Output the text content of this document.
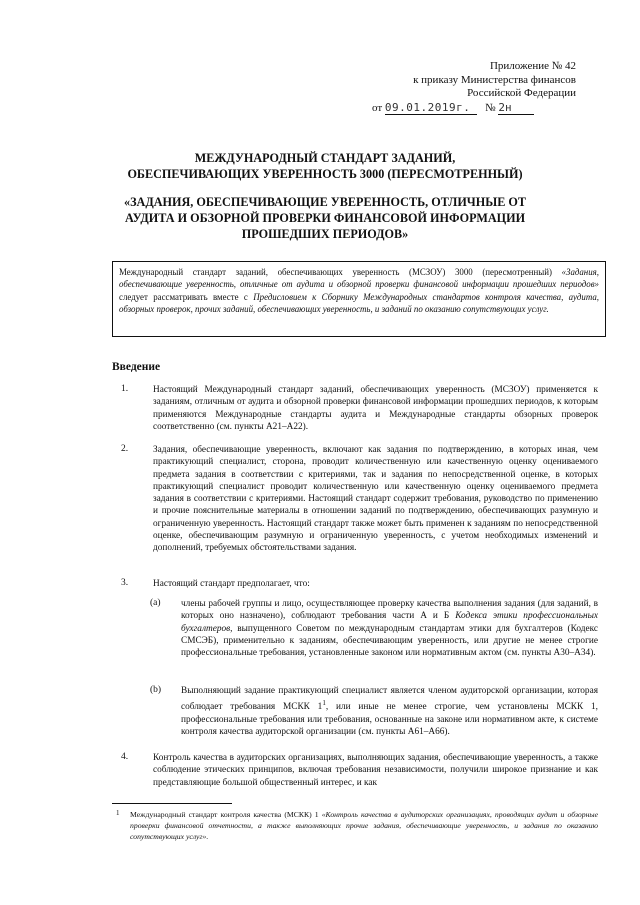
Приложение № 42
к приказу Министерства финансов
Российской Федерации
от 09.01.2019г. № 2н
МЕЖДУНАРОДНЫЙ СТАНДАРТ ЗАДАНИЙ,
ОБЕСПЕЧИВАЮЩИХ УВЕРЕННОСТЬ 3000 (ПЕРЕСМОТРЕННЫЙ)
«ЗАДАНИЯ, ОБЕСПЕЧИВАЮЩИЕ УВЕРЕННОСТЬ, ОТЛИЧНЫЕ ОТ
АУДИТА И ОБЗОРНОЙ ПРОВЕРКИ ФИНАНСОВОЙ ИНФОРМАЦИИ
ПРОШЕДШИХ ПЕРИОДОВ»
Международный стандарт заданий, обеспечивающих уверенность (МСЗОУ) 3000 (пересмотренный) «Задания, обеспечивающие уверенность, отличные от аудита и обзорной проверки финансовой информации прошедших периодов» следует рассматривать вместе с Предисловием к Сборнику Международных стандартов контроля качества, аудита, обзорных проверок, прочих заданий, обеспечивающих уверенность, и заданий по оказанию сопутствующих услуг.
Введение
1.	Настоящий Международный стандарт заданий, обеспечивающих уверенность (МСЗОУ) применяется к заданиям, отличным от аудита и обзорной проверки финансовой информации прошедших периодов, к которым применяются Международные стандарты аудита и Международные стандарты обзорных проверок соответственно (см. пункты А21–А22).
2.	Задания, обеспечивающие уверенность, включают как задания по подтверждению, в которых иная, чем практикующий специалист, сторона, проводит количественную или качественную оценку оцениваемого предмета задания в соответствии с критериями, так и задания по непосредственной оценке, в которых практикующий специалист проводит количественную или качественную оценку оцениваемого предмета задания в соответствии с критериями. Настоящий стандарт содержит требования, руководство по применению и прочие пояснительные материалы в отношении заданий по подтверждению, обеспечивающих разумную и ограниченную уверенность. Настоящий стандарт также может быть применен к заданиям по непосредственной оценке, обеспечивающим разумную и ограниченную уверенность, с учетом необходимых изменений и дополнений, требуемых обстоятельствами задания.
3.	Настоящий стандарт предполагает, что:
(a) члены рабочей группы и лицо, осуществляющее проверку качества выполнения задания (для заданий, в которых оно назначено), соблюдают требования части А и Б Кодекса этики профессиональных бухгалтеров, выпущенного Советом по международным стандартам этики для бухгалтеров (Кодекс СМСЭБ), применительно к заданиям, обеспечивающим уверенность, или другие не менее строгие профессиональные требования, установленные законом или нормативным актом (см. пункты А30–А34).
(b) Выполняющий задание практикующий специалист является членом аудиторской организации, которая соблюдает требования МСКК $1^1$, или иные не менее строгие, чем установлены МСКК 1, профессиональные требования или требования, основанные на законе или нормативном акте, к системе контроля качества аудиторской организации (см. пункты А61–А66).
4.	Контроль качества в аудиторских организациях, выполняющих задания, обеспечивающие уверенность, а также соблюдение этических принципов, включая требования независимости, получили широкое признание и как представляющие большой общественный интерес, и как
1 Международный стандарт контроля качества (МСКК) 1 «Контроль качества в аудиторских организациях, проводящих аудит и обзорные проверки финансовой отчетности, а также выполняющих прочие задания, обеспечивающие уверенность, и задания по оказанию сопутствующих услуг».
